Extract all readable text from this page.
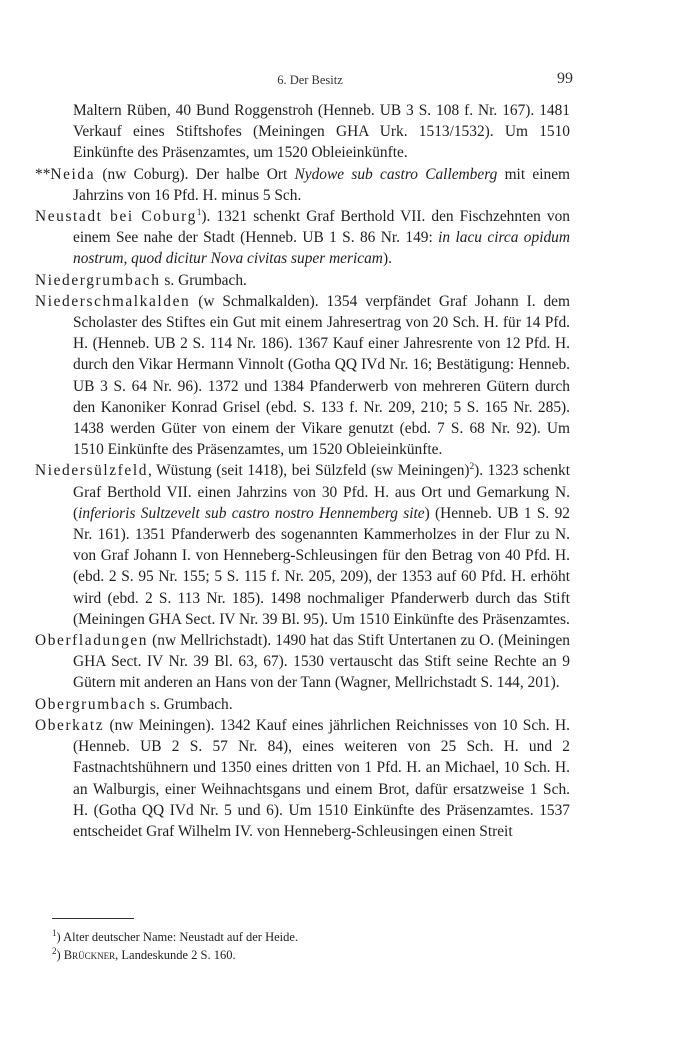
6. Der Besitz	99

Maltern Rüben, 40 Bund Roggenstroh (Henneb. UB 3 S. 108 f. Nr. 167). 1481 Verkauf eines Stiftshofes (Meiningen GHA Urk. 1513/1532). Um 1510 Einkünfte des Präsenzamtes, um 1520 Obleieinkünfte.

**Neida (nw Coburg). Der halbe Ort Nydowe sub castro Callemberg mit einem Jahrzins von 16 Pfd. H. minus 5 Sch.

Neustadt bei Coburg$^1$). 1321 schenkt Graf Berthold VII. den Fischzehnten von einem See nahe der Stadt (Henneb. UB 1 S. 86 Nr. 149: in lacu circa opidum nostrum, quod dicitur Nova civitas super mericam).

Niedergrumbach s. Grumbach.

Niederschmalkalden (w Schmalkalden). 1354 verpfändet Graf Johann I. dem Scholaster des Stiftes ein Gut mit einem Jahresertrag von 20 Sch. H. für 14 Pfd. H. (Henneb. UB 2 S. 114 Nr. 186). 1367 Kauf einer Jahresrente von 12 Pfd. H. durch den Vikar Hermann Vinnolt (Gotha QQ IVd Nr. 16; Bestätigung: Henneb. UB 3 S. 64 Nr. 96). 1372 und 1384 Pfanderwerb von mehreren Gütern durch den Kanoniker Konrad Grisel (ebd. S. 133 f. Nr. 209, 210; 5 S. 165 Nr. 285). 1438 werden Güter von einem der Vikare genutzt (ebd. 7 S. 68 Nr. 92). Um 1510 Einkünfte des Präsenzamtes, um 1520 Obleieinkünfte.

Niedersülzfeld, Wüstung (seit 1418), bei Sülzfeld (sw Meiningen)$^2$). 1323 schenkt Graf Berthold VII. einen Jahrzins von 30 Pfd. H. aus Ort und Gemarkung N. (inferioris Sultzevelt sub castro nostro Hennemberg site) (Henneb. UB 1 S. 92 Nr. 161). 1351 Pfanderwerb des sogenannten Kammerholzes in der Flur zu N. von Graf Johann I. von Henneberg-Schleusingen für den Betrag von 40 Pfd. H. (ebd. 2 S. 95 Nr. 155; 5 S. 115 f. Nr. 205, 209), der 1353 auf 60 Pfd. H. erhöht wird (ebd. 2 S. 113 Nr. 185). 1498 nochmaliger Pfanderwerb durch das Stift (Meiningen GHA Sect. IV Nr. 39 Bl. 95). Um 1510 Einkünfte des Präsenzamtes.

Oberfladungen (nw Mellrichstadt). 1490 hat das Stift Untertanen zu O. (Meiningen GHA Sect. IV Nr. 39 Bl. 63, 67). 1530 vertauscht das Stift seine Rechte an 9 Gütern mit anderen an Hans von der Tann (Wagner, Mellrichstadt S. 144, 201).

Obergrumbach s. Grumbach.

Oberkatz (nw Meiningen). 1342 Kauf eines jährlichen Reichnisses von 10 Sch. H. (Henneb. UB 2 S. 57 Nr. 84), eines weiteren von 25 Sch. H. und 2 Fastnachtshühnern und 1350 eines dritten von 1 Pfd. H. an Michael, 10 Sch. H. an Walburgis, einer Weihnachtsgans und einem Brot, dafür ersatzweise 1 Sch. H. (Gotha QQ IVd Nr. 5 und 6). Um 1510 Einkünfte des Präsenzamtes. 1537 entscheidet Graf Wilhelm IV. von Henneberg-Schleusingen einen Streit

$^1$) Alter deutscher Name: Neustadt auf der Heide.

$^2$) Brückner, Landeskunde 2 S. 160.
